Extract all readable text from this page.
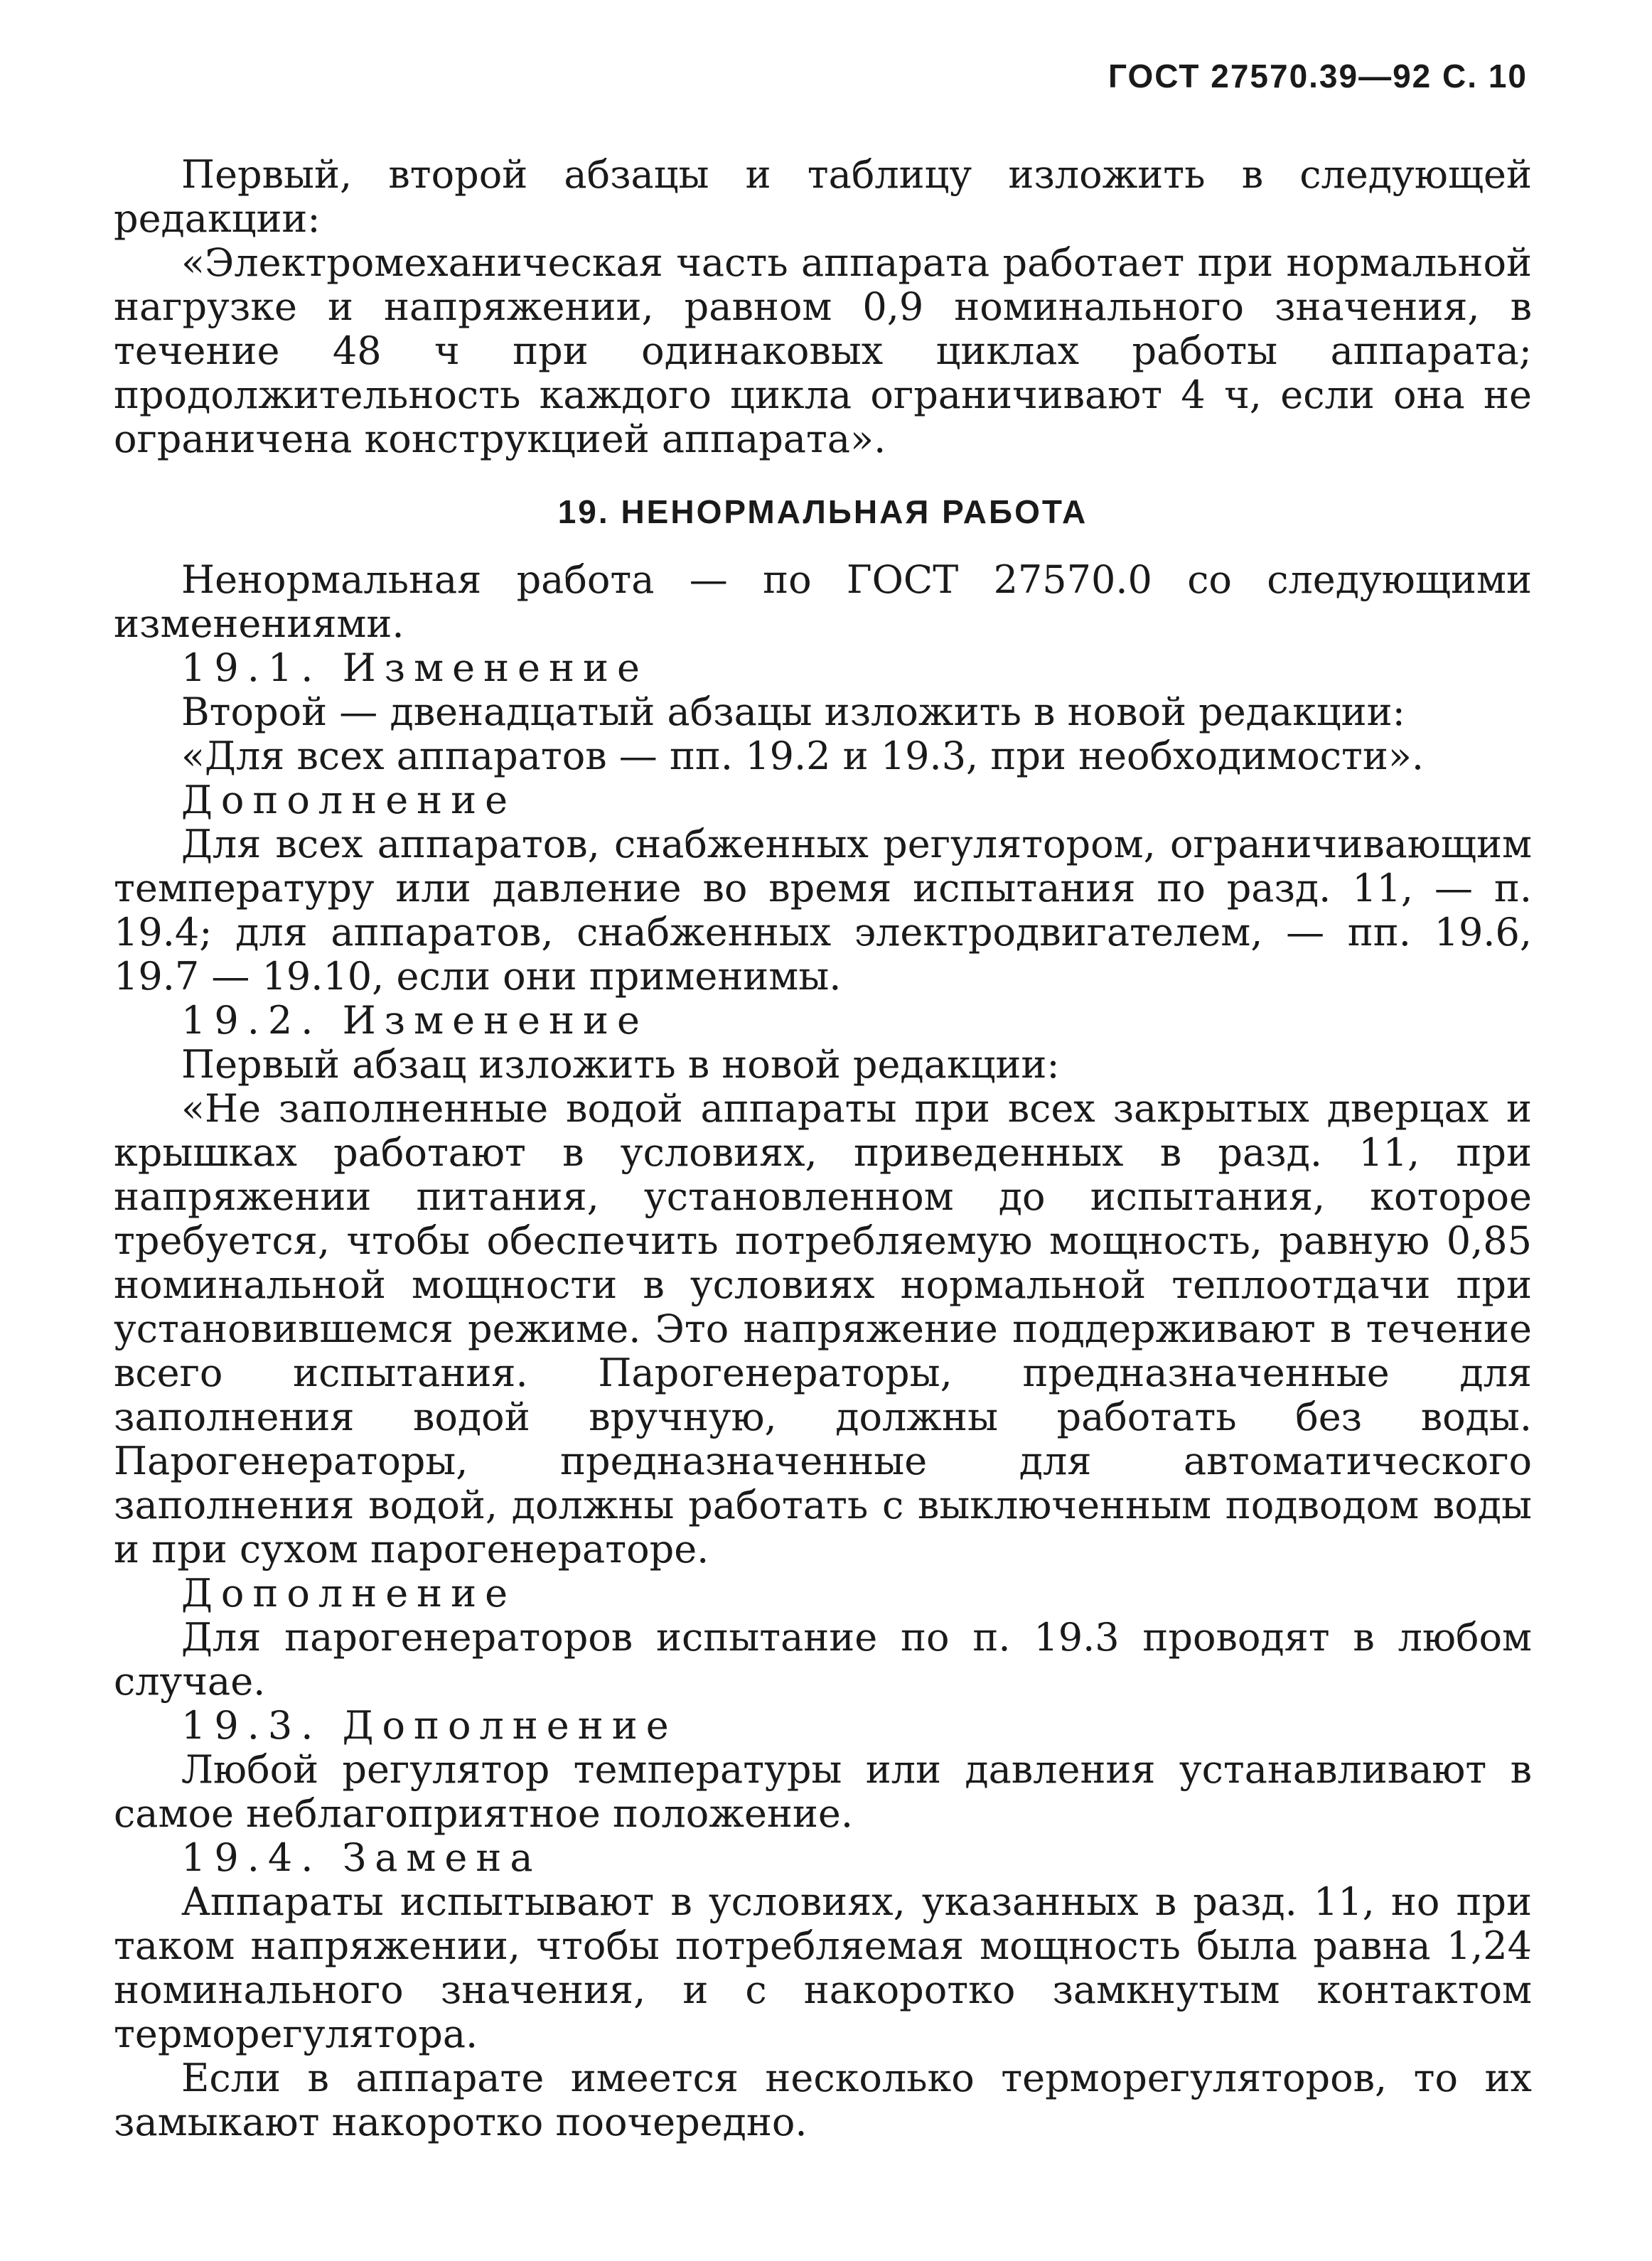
ГОСТ 27570.39—92 С. 10

Первый, второй абзацы и таблицу изложить в следующей редакции:

«Электромеханическая часть аппарата работает при нормальной нагрузке и напряжении, равном 0,9 номинального значения, в течение 48 ч при одинаковых циклах работы аппарата; продолжительность каждого цикла ограничивают 4 ч, если она не ограничена конструкцией аппарата».

19. НЕНОРМАЛЬНАЯ РАБОТА

Ненормальная работа — по ГОСТ 27570.0 со следующими изменениями.

19.1. Изменение

Второй — двенадцатый абзацы изложить в новой редакции:

«Для всех аппаратов — пп. 19.2 и 19.3, при необходимости».

Дополнение

Для всех аппаратов, снабженных регулятором, ограничивающим температуру или давление во время испытания по разд. 11, — п. 19.4; для аппаратов, снабженных электродвигателем, — пп. 19.6, 19.7 — 19.10, если они применимы.

19.2. Изменение

Первый абзац изложить в новой редакции:

«Не заполненные водой аппараты при всех закрытых дверцах и крышках работают в условиях, приведенных в разд. 11, при напряжении питания, установленном до испытания, которое требуется, чтобы обеспечить потребляемую мощность, равную 0,85 номинальной мощности в условиях нормальной теплоотдачи при установившемся режиме. Это напряжение поддерживают в течение всего испытания. Парогенераторы, предназначенные для заполнения водой вручную, должны работать без воды. Парогенераторы, предназначенные для автоматического заполнения водой, должны работать с выключенным подводом воды и при сухом парогенераторе.

Дополнение

Для парогенераторов испытание по п. 19.3 проводят в любом случае.

19.3. Дополнение

Любой регулятор температуры или давления устанавливают в самое неблагоприятное положение.

19.4. Замена

Аппараты испытывают в условиях, указанных в разд. 11, но при таком напряжении, чтобы потребляемая мощность была равна 1,24 номинального значения, и с накоротко замкнутым контактом терморегулятора.

Если в аппарате имеется несколько терморегуляторов, то их замыкают накоротко поочередно.
